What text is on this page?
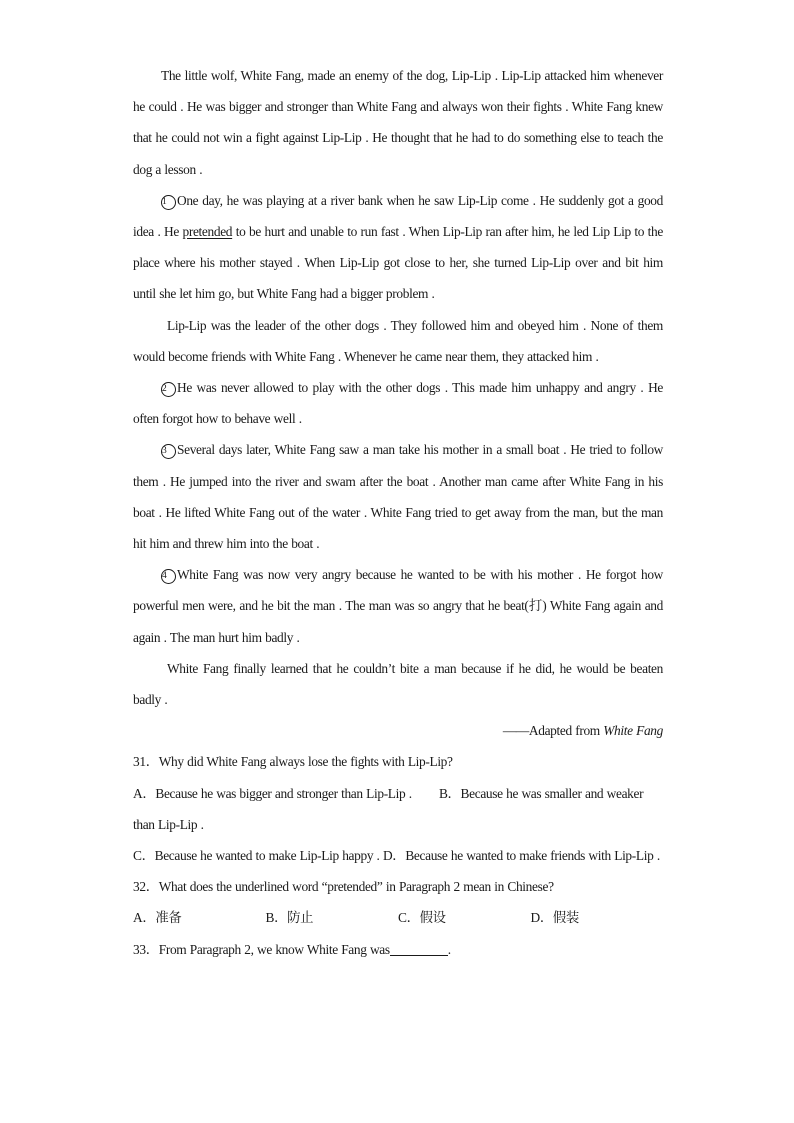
The little wolf, White Fang, made an enemy of the dog, Lip-Lip . Lip-Lip attacked him whenever he could . He was bigger and stronger than White Fang and always won their fights . White Fang knew that he could not win a fight against Lip-Lip . He thought that he had to do something else to teach the dog a lesson .

1 One day, he was playing at a river bank when he saw Lip-Lip come . He suddenly got a good idea . He pretended to be hurt and unable to run fast . When Lip-Lip ran after him, he led Lip Lip to the place where his mother stayed . When Lip-Lip got close to her, she turned Lip-Lip over and bit him until she let him go, but White Fang had a bigger problem .

Lip-Lip was the leader of the other dogs . They followed him and obeyed him . None of them would become friends with White Fang . Whenever he came near them, they attacked him .

2 He was never allowed to play with the other dogs . This made him unhappy and angry . He often forgot how to behave well .

3 Several days later, White Fang saw a man take his mother in a small boat . He tried to follow them . He jumped into the river and swam after the boat . Another man came after White Fang in his boat . He lifted White Fang out of the water . White Fang tried to get away from the man, but the man hit him and threw him into the boat .

4 White Fang was now very angry because he wanted to be with his mother . He forgot how powerful men were, and he bit the man . The man was so angry that he beat(打) White Fang again and again . The man hurt him badly .

White Fang finally learned that he couldn’t bite a man because if he did, he would be beaten badly .

——Adapted from White Fang

31．Why did White Fang always lose the fights with Lip-Lip?

A．Because he was bigger and stronger than Lip-Lip . B．Because he was smaller and weaker than Lip-Lip .

C．Because he wanted to make Lip-Lip happy . D．Because he wanted to make friends with Lip-Lip .

32．What does the underlined word “pretended” in Paragraph 2 mean in Chinese?

A．准备	B．防止	C．假设	D．假装

33．From Paragraph 2, we know White Fang was	.
